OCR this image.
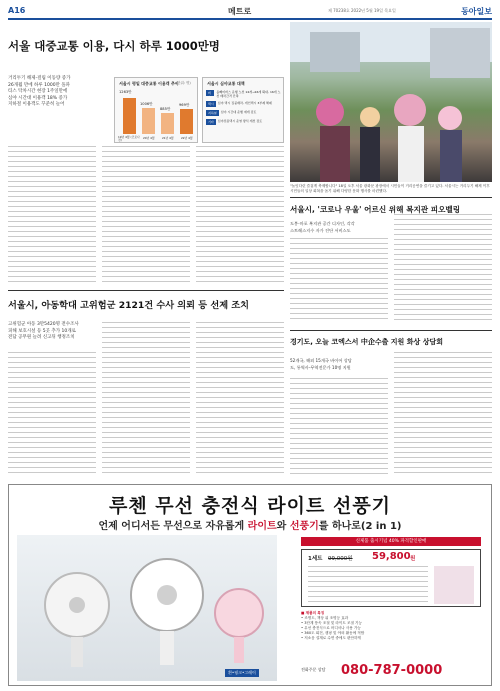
A16	메트로	제 70238호 2022년 5월 19일 목요일	동아일보
서울 대중교통 이용, 다시 하루 1000만명
거리두기 해제-걸림 이동량 증가
26개월 만에 하루 1000만 돌파
티스 탁차시간 현장 1주일만에
심야 시간대 이용객 18% 증가
지하철 이용객도 꾸준히 늘어
서울시 평일 대중교통 이용객 추이
1263만
1006만
885만
969만
19년 4월 (코로나 전)	20년 4월	21년 4월	22년 4월
(단위: 명)	서울시 심야교통 대책
버스
올빼미버스 운행 노선 14개→16개 확대, 16개 노선 배차간격 단축
택시	심야 택시 집중배차, 개인택시 3부제 해제
지하철	심야 시간대 운행 재개 검토
기타	심야전용택시 운영 방식 개선 검토
"놀잇다린 즐겁게 축제합니다" 18일 오후 서울 광화문 광장에서 시민들이 거리공연을 즐기고 있다. 서울시는 거리두기 해제 이후 시민들의 일상 회복을 돕기 위해 다양한 문화 행사를 마련했다.
서울시, '코로나 우울' 어르신 위해 복지관 피오벨링
도봉-마포 복지관 공간 디자인, 각각
스트레스지수 자가 진단 서비스도
서울시, 아동학대 고위험군 2121건 수사 의뢰 등 선제 조치
고위험군 아동 3만5420명 전수조사
피해 보호시설 등 5곳 추가 10개로
전담 공무원 늘려 신고뒤 행정조치
경기도, 오늘 코엑스서 中企수출 지원 화상 상담회
52개국, 해외 15개국 바이어 상담
도, 통역사-무역전문가 10명 지원
루첸 무선 충전식 라이트 선풍기
언제 어디서든 무선으로 자유롭게 라이트와 선풍기를 하나로(2 in 1)
흰•핑크•그레이
신제품 출시기념 40% 파격할인판매
1세트 99,000원 59,800 원
■ 제품의 특징
• 조명도, 책상 위 조명등 효과
• 3단계 풍속 조절 및 라이트 조절 기능
• 무선 충전식으로 어디서나 사용 가능
• 360도 회전, 캠핑 및 야외 활동에 적합
• 저소음 설계로 수면 중에도 편안하게
전화주문 상담 080-787-0000
